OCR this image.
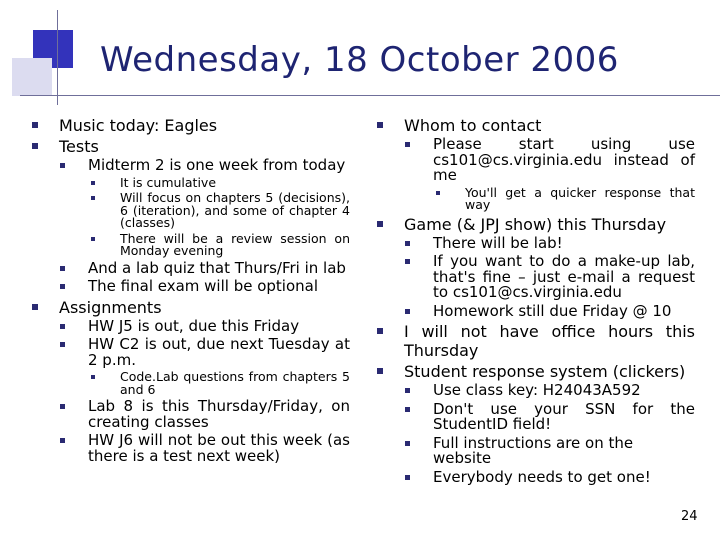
Wednesday, 18 October 2006
Music today: Eagles
Tests
Midterm 2 is one week from today
It is cumulative
Will focus on chapters 5 (decisions), 6 (iteration), and some of chapter 4 (classes)
There will be a review session on Monday evening
And a lab quiz that Thurs/Fri in lab
The final exam will be optional
Assignments
HW J5 is out, due this Friday
HW C2 is out, due next Tuesday at 2 p.m.
Code.Lab questions from chapters 5 and 6
Lab 8 is this Thursday/Friday, on creating classes
HW J6 will not be out this week (as there is a test next week)
Whom to contact
Please start using use cs101@cs.virginia.edu instead of me
You'll get a quicker response that way
Game (& JPJ show) this Thursday
There will be lab!
If you want to do a make-up lab, that's fine – just e-mail a request to cs101@cs.virginia.edu
Homework still due Friday @ 10
I will not have office hours this Thursday
Student response system (clickers)
Use class key: H24043A592
Don't use your SSN for the StudentID field!
Full instructions are on the website
Everybody needs to get one!
24
